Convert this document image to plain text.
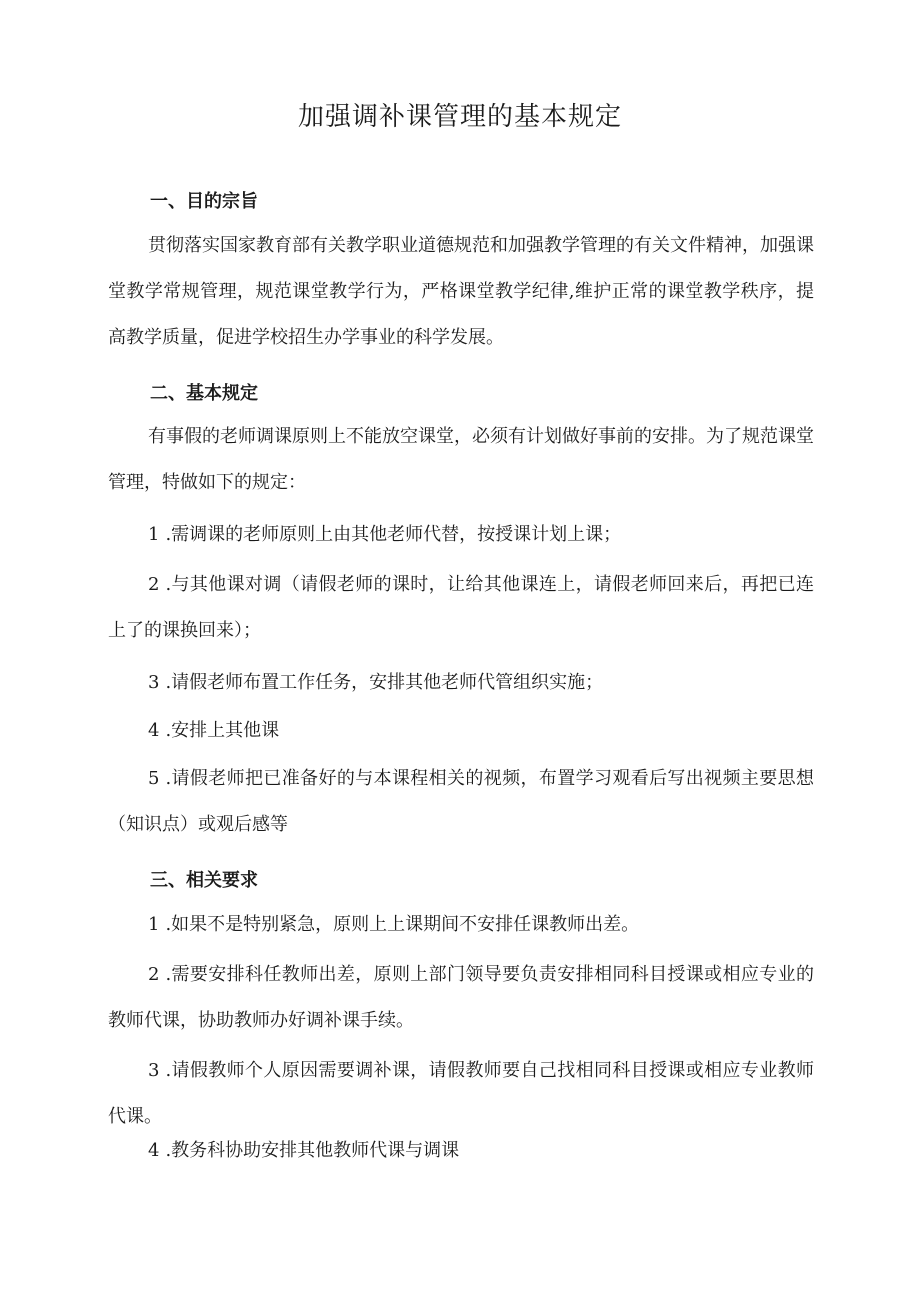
加强调补课管理的基本规定
一、目的宗旨

贯彻落实国家教育部有关教学职业道德规范和加强教学管理的有关文件精神，加强课堂教学常规管理，规范课堂教学行为，严格课堂教学纪律,维护正常的课堂教学秩序，提高教学质量，促进学校招生办学事业的科学发展。

二、基本规定

有事假的老师调课原则上不能放空课堂，必须有计划做好事前的安排。为了规范课堂管理，特做如下的规定：

1 .需调课的老师原则上由其他老师代替，按授课计划上课；

2 .与其他课对调（请假老师的课时，让给其他课连上，请假老师回来后，再把已连上了的课换回来）；

3 .请假老师布置工作任务，安排其他老师代管组织实施；

4 .安排上其他课

5 .请假老师把已准备好的与本课程相关的视频，布置学习观看后写出视频主要思想（知识点）或观后感等

三、相关要求

1 .如果不是特别紧急，原则上上课期间不安排任课教师出差。

2 .需要安排科任教师出差，原则上部门领导要负责安排相同科目授课或相应专业的教师代课，协助教师办好调补课手续。

3 .请假教师个人原因需要调补课，请假教师要自己找相同科目授课或相应专业教师代课。

4 .教务科协助安排其他教师代课与调课
